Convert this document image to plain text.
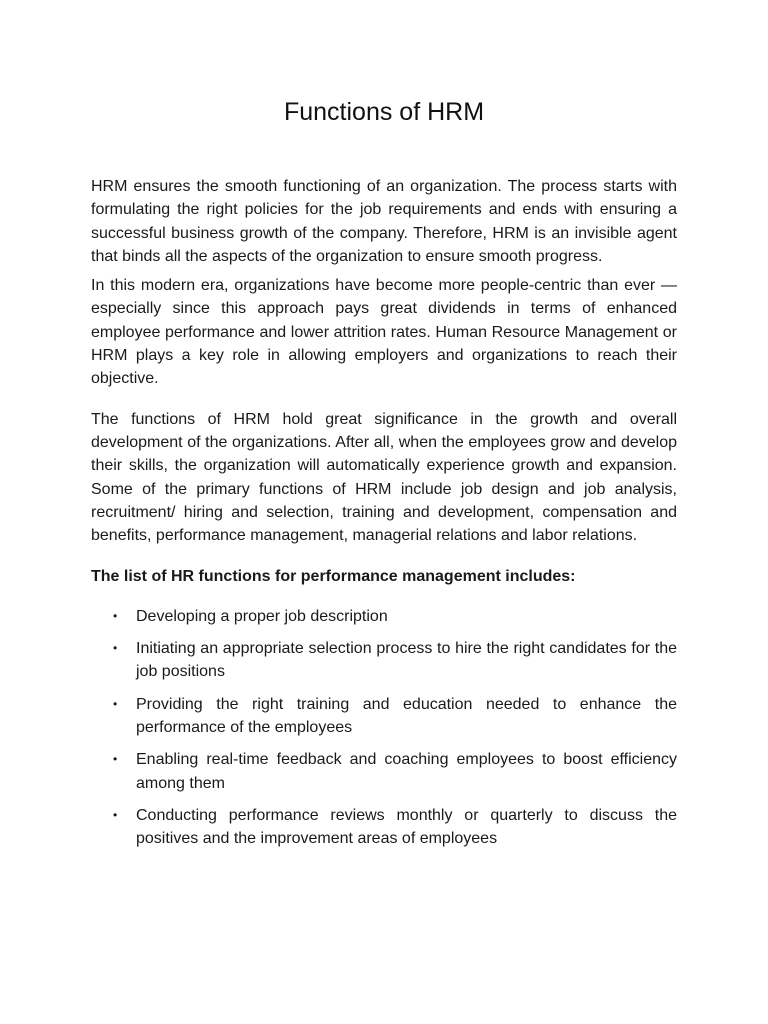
Functions of HRM

HRM ensures the smooth functioning of an organization. The process starts with formulating the right policies for the job requirements and ends with ensuring a successful business growth of the company. Therefore, HRM is an invisible agent that binds all the aspects of the organization to ensure smooth progress.

In this modern era, organizations have become more people-centric than ever — especially since this approach pays great dividends in terms of enhanced employee performance and lower attrition rates. Human Resource Management or HRM plays a key role in allowing employers and organizations to reach their objective.

The functions of HRM hold great significance in the growth and overall development of the organizations. After all, when the employees grow and develop their skills, the organization will automatically experience growth and expansion. Some of the primary functions of HRM include job design and job analysis, recruitment/ hiring and selection, training and development, compensation and benefits, performance management, managerial relations and labor relations.

The list of HR functions for performance management includes:

• Developing a proper job description
• Initiating an appropriate selection process to hire the right candidates for the job positions
• Providing the right training and education needed to enhance the performance of the employees
• Enabling real-time feedback and coaching employees to boost efficiency among them
• Conducting performance reviews monthly or quarterly to discuss the positives and the improvement areas of employees
